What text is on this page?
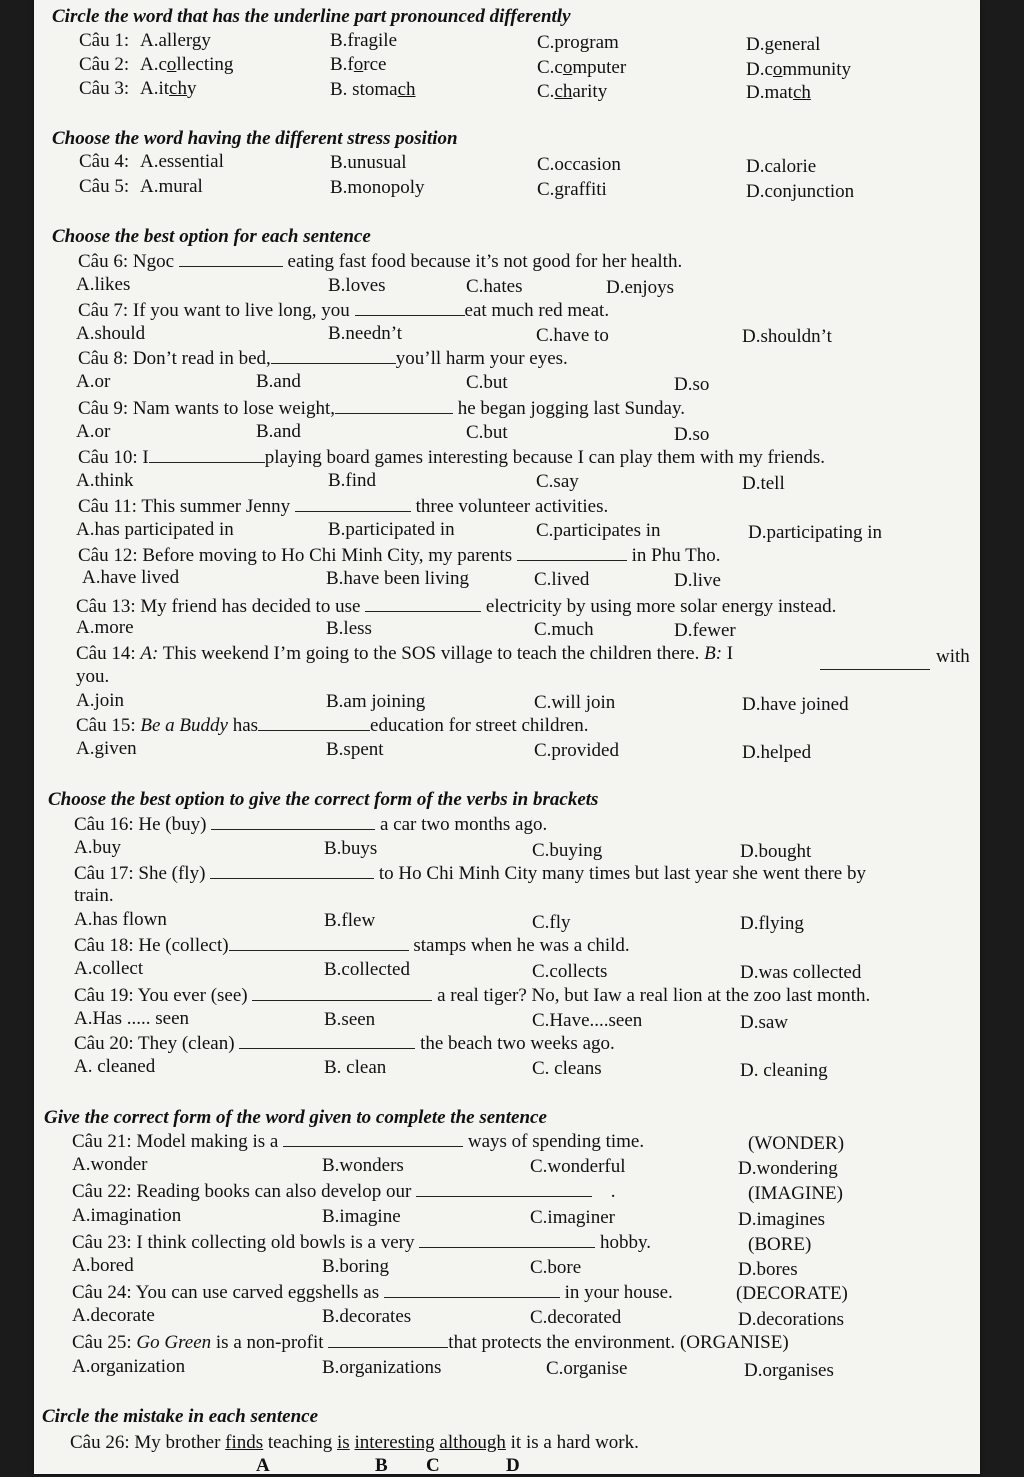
Circle the word that has the underline part pronounced differently
Câu 1: A.allergy	B.fragile	C.program	D.general
Câu 2: A.collecting	B.force	C.computer	D.community
Câu 3: A.itchy	B. stomach	C.charity	D.match
Choose the word having the different stress position
Câu 4: A.essential	B.unusual	C.occasion	D.calorie
Câu 5: A.mural	B.monopoly	C.graffiti	D.conjunction
Choose the best option for each sentence
Câu 6: Ngoc	eating fast food because it’s not good for her health.
A.likes	B.loves	C.hates	D.enjoys
Câu 7: If you want to live long, you	eat much red meat.
A.should	B.needn’t	C.have to	D.shouldn’t
Câu 8: Don’t read in bed,	you’ll harm your eyes.
A.or	B.and	C.but	D.so
Câu 9: Nam wants to lose weight,	he began jogging last Sunday.
A.or	B.and	C.but	D.so
Câu 10: I	playing board games interesting because I can play them with my friends.
A.think	B.find	C.say	D.tell
Câu 11: This summer Jenny	three volunteer activities.
A.has participated in	B.participated in	C.participates in	D.participating in
Câu 12: Before moving to Ho Chi Minh City, my parents	in Phu Tho.
A.have lived	B.have been living	C.lived	D.live
Câu 13: My friend has decided to use	electricity by using more solar energy instead.
A.more	B.less	C.much	D.fewer
Câu 14: A: This weekend I’m going to the SOS village to teach the children there. B: I	with
you.
A.join	B.am joining	C.will join	D.have joined
Câu 15: Be a Buddy has	education for street children.
A.given	B.spent	C.provided	D.helped
Choose the best option to give the correct form of the verbs in brackets
Câu 16: He (buy)	a car two months ago.
A.buy	B.buys	C.buying	D.bought
Câu 17: She (fly)	to Ho Chi Minh City many times but last year she went there by
train.
A.has flown	B.flew	C.fly	D.flying
Câu 18: He (collect)	stamps when he was a child.
A.collect	B.collected	C.collects	D.was collected
Câu 19: You ever (see)	a real tiger? No, but Iaw a real lion at the zoo last month.
A.Has ..... seen	B.seen	C.Have....seen	D.saw
Câu 20: They (clean)	the beach two weeks ago.
A. cleaned	B. clean	C. cleans	D. cleaning
Give the correct form of the word given to complete the sentence
Câu 21: Model making is a	ways of spending time.	(WONDER)
A.wonder	B.wonders	C.wonderful	D.wondering
Câu 22: Reading books can also develop our	.	(IMAGINE)
A.imagination	B.imagine	C.imaginer	D.imagines
Câu 23: I think collecting old bowls is a very	hobby.	(BORE)
A.bored	B.boring	C.bore	D.bores
Câu 24: You can use carved eggshells as	in your house.	(DECORATE)
A.decorate	B.decorates	C.decorated	D.decorations
Câu 25: Go Green is a non-profit	that protects the environment. (ORGANISE)
A.organization	B.organizations	C.organise	D.organises
Circle the mistake in each sentence
Câu 26: My brother finds teaching is interesting although it is a hard work.
A	B C	D
